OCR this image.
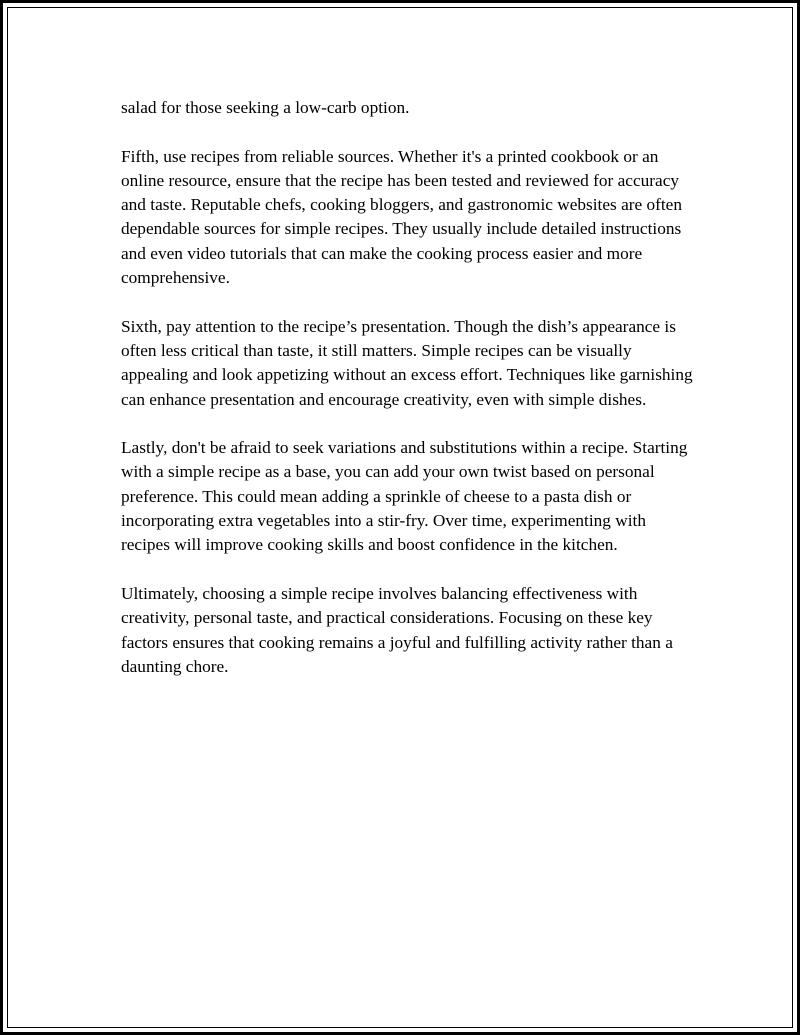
salad for those seeking a low-carb option.

Fifth, use recipes from reliable sources. Whether it's a printed cookbook or an online resource, ensure that the recipe has been tested and reviewed for accuracy and taste. Reputable chefs, cooking bloggers, and gastronomic websites are often dependable sources for simple recipes. They usually include detailed instructions and even video tutorials that can make the cooking process easier and more comprehensive.

Sixth, pay attention to the recipe’s presentation. Though the dish’s appearance is often less critical than taste, it still matters. Simple recipes can be visually appealing and look appetizing without an excess effort. Techniques like garnishing can enhance presentation and encourage creativity, even with simple dishes.

Lastly, don't be afraid to seek variations and substitutions within a recipe. Starting with a simple recipe as a base, you can add your own twist based on personal preference. This could mean adding a sprinkle of cheese to a pasta dish or incorporating extra vegetables into a stir-fry. Over time, experimenting with recipes will improve cooking skills and boost confidence in the kitchen.

Ultimately, choosing a simple recipe involves balancing effectiveness with creativity, personal taste, and practical considerations. Focusing on these key factors ensures that cooking remains a joyful and fulfilling activity rather than a daunting chore.
